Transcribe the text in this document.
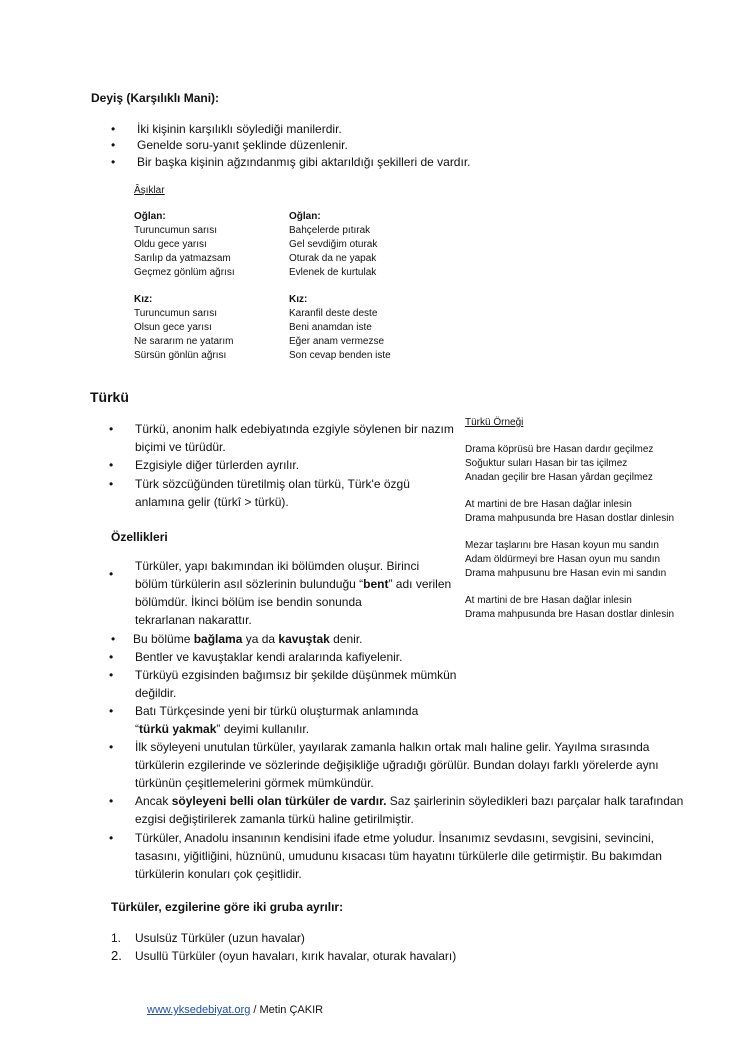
Deyiş (Karşılıklı Mani):
•	İki kişinin karşılıklı söylediği manilerdir.
•	Genelde soru-yanıt şeklinde düzenlenir.
•	Bir başka kişinin ağzındanmış gibi aktarıldığı şekilleri de vardır.
Âşıklar
Oğlan:
Turuncumun sarısı
Oldu gece yarısı
Sarılıp da yatmazsam
Geçmez gönlüm ağrısı
Oğlan:
Bahçelerde pıtırak
Gel sevdiğim oturak
Oturak da ne yapak
Evlenek de kurtulak
Kız:
Turuncumun sarısı
Olsun gece yarısı
Ne sararım ne yatarım
Sürsün gönlün ağrısı
Kız:
Karanfil deste deste
Beni anamdan iste
Eğer anam vermezse
Son cevap benden iste
Türkü
•	Türkü, anonim halk edebiyatında ezgiyle söylenen bir nazım
biçimi ve türüdür.
•	Ezgisiyle diğer türlerden ayrılır.
•	Türk sözcüğünden türetilmiş olan türkü, Türk'e özgü
anlamına gelir (türkî > türkü).
Türkü Örneği
Drama köprüsü bre Hasan dardır geçilmez
Soğuktur suları Hasan bir tas içilmez
Anadan geçilir bre Hasan yârdan geçilmez
At martini de bre Hasan dağlar inlesin
Drama mahpusunda bre Hasan dostlar dinlesin
Mezar taşlarını bre Hasan koyun mu sandın
Adam öldürmeyi bre Hasan oyun mu sandın
Drama mahpusunu bre Hasan evin mi sandın
At martini de bre Hasan dağlar inlesin
Drama mahpusunda bre Hasan dostlar dinlesin
Özellikleri
•
Türküler, yapı bakımından iki bölümden oluşur. Birinci
bölüm türkülerin asıl sözlerinin bulunduğu “bent” adı verilen
bölümdür. İkinci bölüm ise bendin sonunda
tekrarlanan nakarattır.
•	Bu bölüme bağlama ya da kavuştak denir.
•	Bentler ve kavuştaklar kendi aralarında kafiyelenir.
•	Türküyü ezgisinden bağımsız bir şekilde düşünmek mümkün
değildir.
•	Batı Türkçesinde yeni bir türkü oluşturmak anlamında
“türkü yakmak” deyimi kullanılır.
•	İlk söyleyeni unutulan türküler, yayılarak zamanla halkın ortak malı haline gelir. Yayılma sırasında
türkülerin ezgilerinde ve sözlerinde değişikliğe uğradığı görülür. Bundan dolayı farklı yörelerde aynı
türkünün çeşitlemelerini görmek mümkündür.
•	Ancak söyleyeni belli olan türküler de vardır. Saz şairlerinin söyledikleri bazı parçalar halk tarafından
ezgisi değiştirilerek zamanla türkü haline getirilmiştir.
•	Türküler, Anadolu insanının kendisini ifade etme yoludur. İnsanımız sevdasını, sevgisini, sevincini,
tasasını, yiğitliğini, hüznünü, umudunu kısacası tüm hayatını türkülerle dile getirmiştir. Bu bakımdan
türkülerin konuları çok çeşitlidir.
Türküler, ezgilerine göre iki gruba ayrılır:
1. Usulsüz Türküler (uzun havalar)
2. Usullü Türküler (oyun havaları, kırık havalar, oturak havaları)
www.yksedebiyat.org / Metin ÇAKIR
